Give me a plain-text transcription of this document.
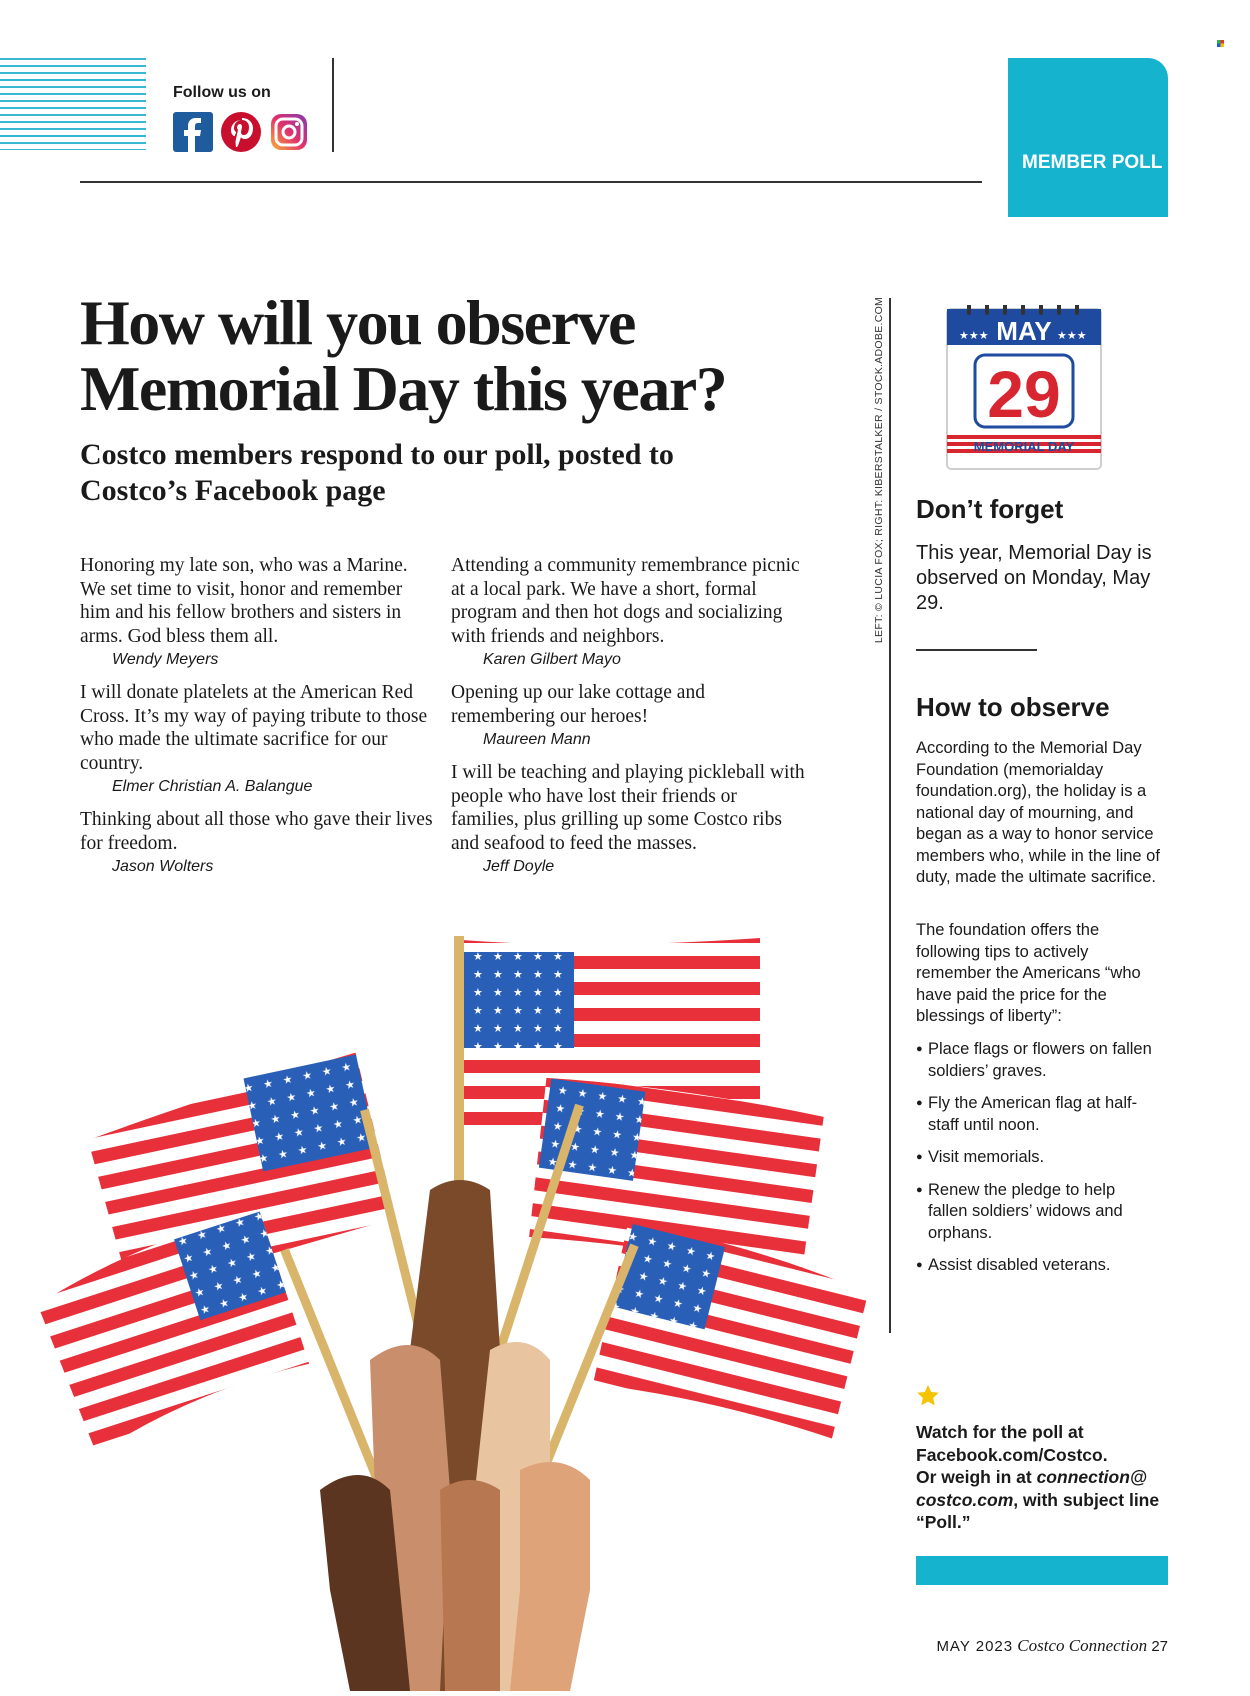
Follow us on
MEMBER POLL
How will you observe Memorial Day this year?
Costco members respond to our poll, posted to Costco’s Facebook page

Honoring my late son, who was a Marine. We set time to visit, honor and remember him and his fellow brothers and sisters in arms. God bless them all.

Wendy Meyers

I will donate platelets at the American Red Cross. It’s my way of paying tribute to those who made the ultimate sacrifice for our country.

Elmer Christian A. Balangue

Thinking about all those who gave their lives for freedom.

Jason Wolters

Attending a community remembrance picnic at a local park. We have a short, formal program and then hot dogs and socializing with friends and neighbors.

Karen Gilbert Mayo

Opening up our lake cottage and remembering our heroes!

Maureen Mann

I will be teaching and playing pickleball with people who have lost their friends or families, plus grilling up some Costco ribs and seafood to feed the masses.

Jeff Doyle
LEFT: © LUCIA FOX; RIGHT: KIBERSTALKER / STOCK.ADOBE.COM	★★★	★★★
MAY
29
MEMORIAL DAY
Don’t forget
This year, Memorial Day is observed on Monday, May 29.
How to observe
According to the Memorial Day Foundation (memorialday foundation.org), the holiday is a national day of mourning, and began as a way to honor service members who, while in the line of duty, made the ultimate sacrifice.
The foundation offers the following tips to actively remember the Americans “who have paid the price for the blessings of liberty”:
● Place flags or flowers on fallen soldiers’ graves.
● Fly the American flag at half-staff until noon.
● Visit memorials.
● Renew the pledge to help fallen soldiers’ widows and orphans.
● Assist disabled veterans.
Watch for the poll at Facebook.com/Costco.
Or weigh in at connection@ costco.com, with subject line “Poll.”
MAY 2023 Costco Connection 27
